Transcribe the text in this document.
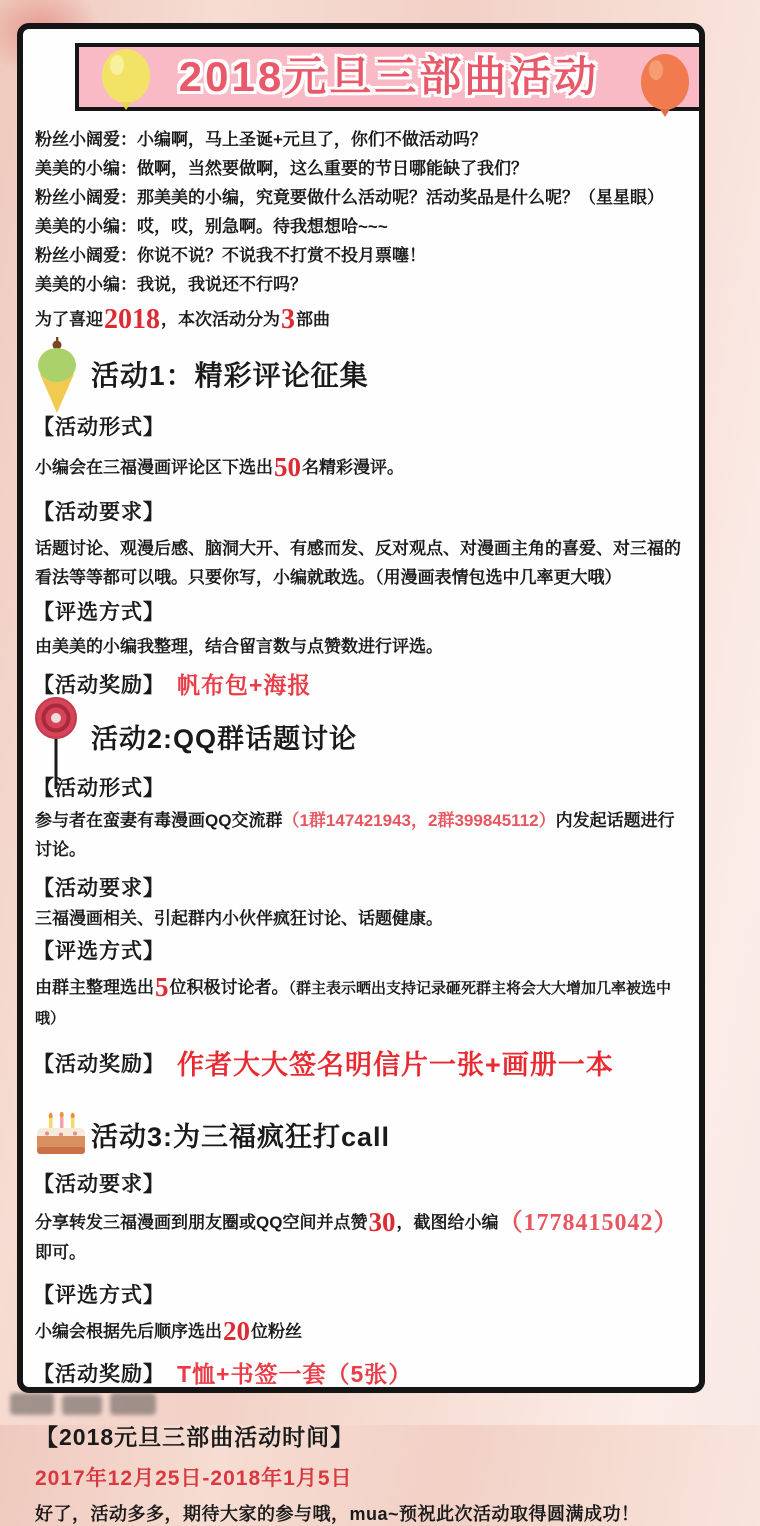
2018元旦三部曲活动
粉丝小阔爱：小编啊，马上圣诞+元旦了，你们不做活动吗？
美美的小编：做啊，当然要做啊，这么重要的节日哪能缺了我们？
粉丝小阔爱：那美美的小编，究竟要做什么活动呢？活动奖品是什么呢？（星星眼）
美美的小编：哎，哎，别急啊。待我想想哈~~~
粉丝小阔爱：你说不说？不说我不打赏不投月票噻！
美美的小编：我说，我说还不行吗？
为了喜迎2018，本次活动分为3部曲
活动1：精彩评论征集
【活动形式】
小编会在三福漫画评论区下选出50名精彩漫评。
【活动要求】
话题讨论、观漫后感、脑洞大开、有感而发、反对观点、对漫画主角的喜爱、对三福的看法等等都可以哦。只要你写，小编就敢选。（用漫画表情包选中几率更大哦）
【评选方式】
由美美的小编我整理，结合留言数与点赞数进行评选。
【活动奖励】 帆布包+海报
活动2:QQ群话题讨论
【活动形式】
参与者在蛮妻有毒漫画QQ交流群（1群147421943，2群399845112）内发起话题进行讨论。
【活动要求】
三福漫画相关、引起群内小伙伴疯狂讨论、话题健康。
【评选方式】
由群主整理选出5位积极讨论者。（群主表示晒出支持记录砸死群主将会大大增加几率被选中哦）
【活动奖励】 作者大大签名明信片一张+画册一本
活动3:为三福疯狂打call
【活动要求】
分享转发三福漫画到朋友圈或QQ空间并点赞30，截图给小编（1778415042）即可。
【评选方式】
小编会根据先后顺序选出20位粉丝
【活动奖励】 T恤+书签一套（5张）
【2018元旦三部曲活动时间】
2017年12月25日-2018年1月5日
好了，活动多多，期待大家的参与哦，mua~预祝此次活动取得圆满成功！
